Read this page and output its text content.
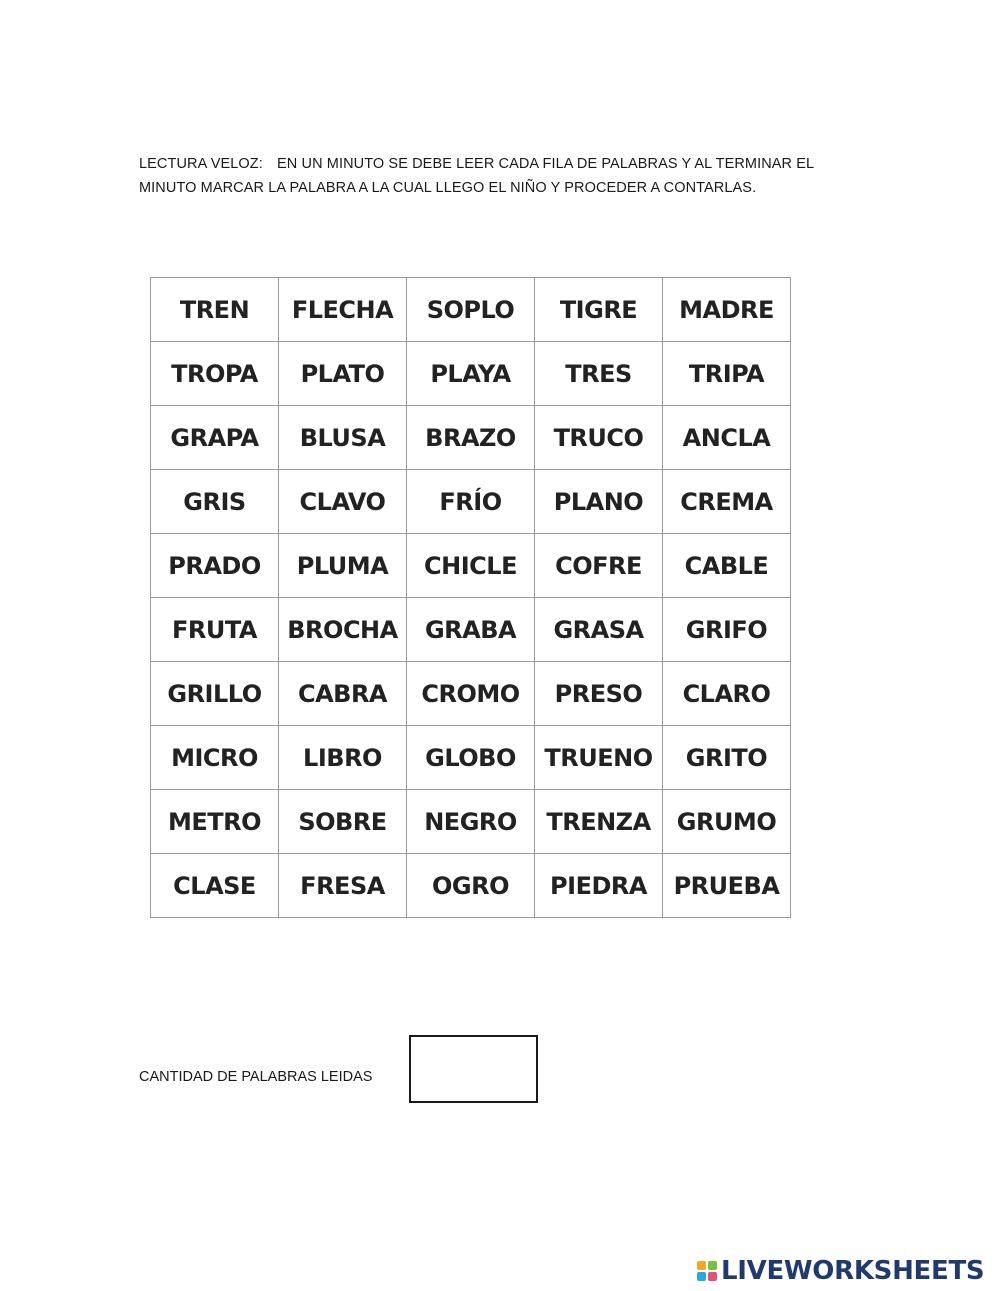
LECTURA VELOZ: EN UN MINUTO SE DEBE LEER CADA FILA DE PALABRAS Y AL TERMINAR EL MINUTO MARCAR LA PALABRA A LA CUAL LLEGO EL NIÑO Y PROCEDER A CONTARLAS.
TREN	FLECHA	SOPLO	TIGRE	MADRE
TROPA	PLATO	PLAYA	TRES	TRIPA
GRAPA	BLUSA	BRAZO	TRUCO	ANCLA
GRIS	CLAVO	FRÍO	PLANO	CREMA
PRADO	PLUMA	CHICLE	COFRE	CABLE
FRUTA	BROCHA	GRABA	GRASA	GRIFO
GRILLO	CABRA	CROMO	PRESO	CLARO
MICRO	LIBRO	GLOBO	TRUENO	GRITO
METRO	SOBRE	NEGRO	TRENZA	GRUMO
CLASE	FRESA	OGRO	PIEDRA	PRUEBA
CANTIDAD DE PALABRAS LEIDAS
LIVEWORKSHEETS
